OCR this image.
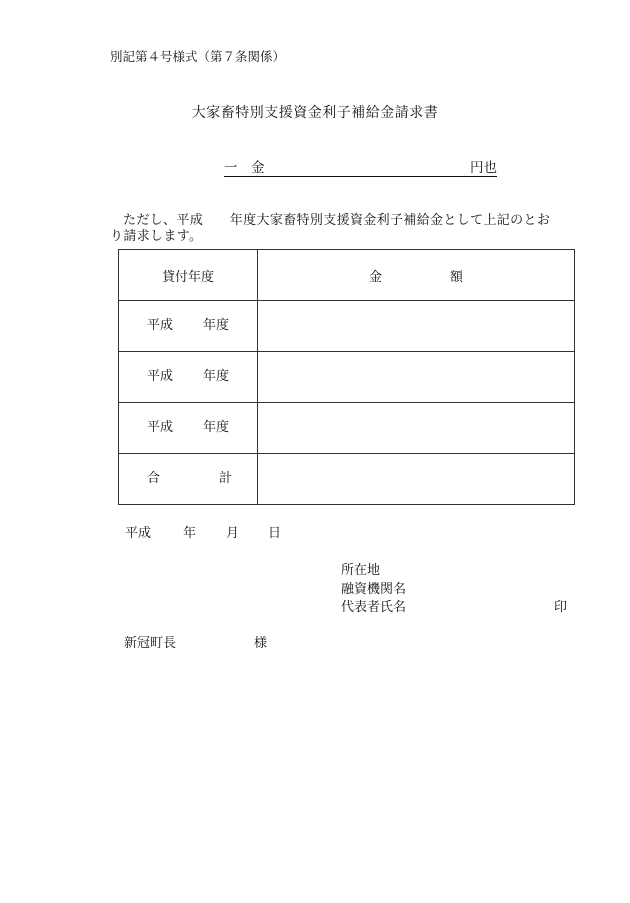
別記第４号様式（第７条関係）
大家畜特別支援資金利子補給金請求書
一　金	円也
ただし、平成　　年度大家畜特別支援資金利子補給金として上記のとお
り請求します。
貸付年度	金 額

平成 年度	

平成 年度	

平成 年度	

合 計	

平成 年 月 日
所在地
融資機関名
代表者氏名	印
新冠町長	様
